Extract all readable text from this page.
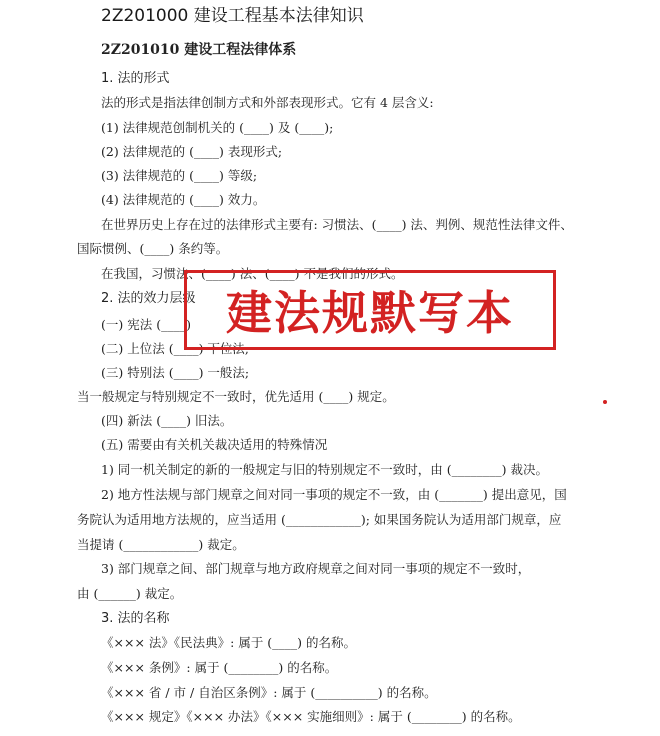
2Z201000 建设工程基本法律知识
2Z201010 建设工程法律体系
1. 法的形式
法的形式是指法律创制方式和外部表现形式。它有 4 层含义:
(1) 法律规范创制机关的 (____) 及 (____);
(2) 法律规范的 (____) 表现形式;
(3) 法律规范的 (____) 等级;
(4) 法律规范的 (____) 效力。
在世界历史上存在过的法律形式主要有: 习惯法、(____) 法、判例、规范性法律文件、
国际惯例、(____) 条约等。
在我国，习惯法、(____) 法、(____) 不是我们的形式。
2. 法的效力层级
(一) 宪法 (____)
(二) 上位法 (____) 下位法;
(三) 特别法 (____) 一般法;
当一般规定与特别规定不一致时，优先适用 (____) 规定。
(四) 新法 (____) 旧法。
(五) 需要由有关机关裁决适用的特殊情况
1) 同一机关制定的新的一般规定与旧的特别规定不一致时，由 (________) 裁决。
2) 地方性法规与部门规章之间对同一事项的规定不一致，由 (_______) 提出意见，国
务院认为适用地方法规的，应当适用 (____________); 如果国务院认为适用部门规章，应
当提请 (____________) 裁定。
3) 部门规章之间、部门规章与地方政府规章之间对同一事项的规定不一致时，
由 (______) 裁定。
3. 法的名称
《××× 法》《民法典》: 属于 (____) 的名称。
《××× 条例》: 属于 (________) 的名称。
《××× 省 / 市 / 自治区条例》: 属于 (__________) 的名称。
《××× 规定》《××× 办法》《××× 实施细则》: 属于 (________) 的名称。
建法规默写本
